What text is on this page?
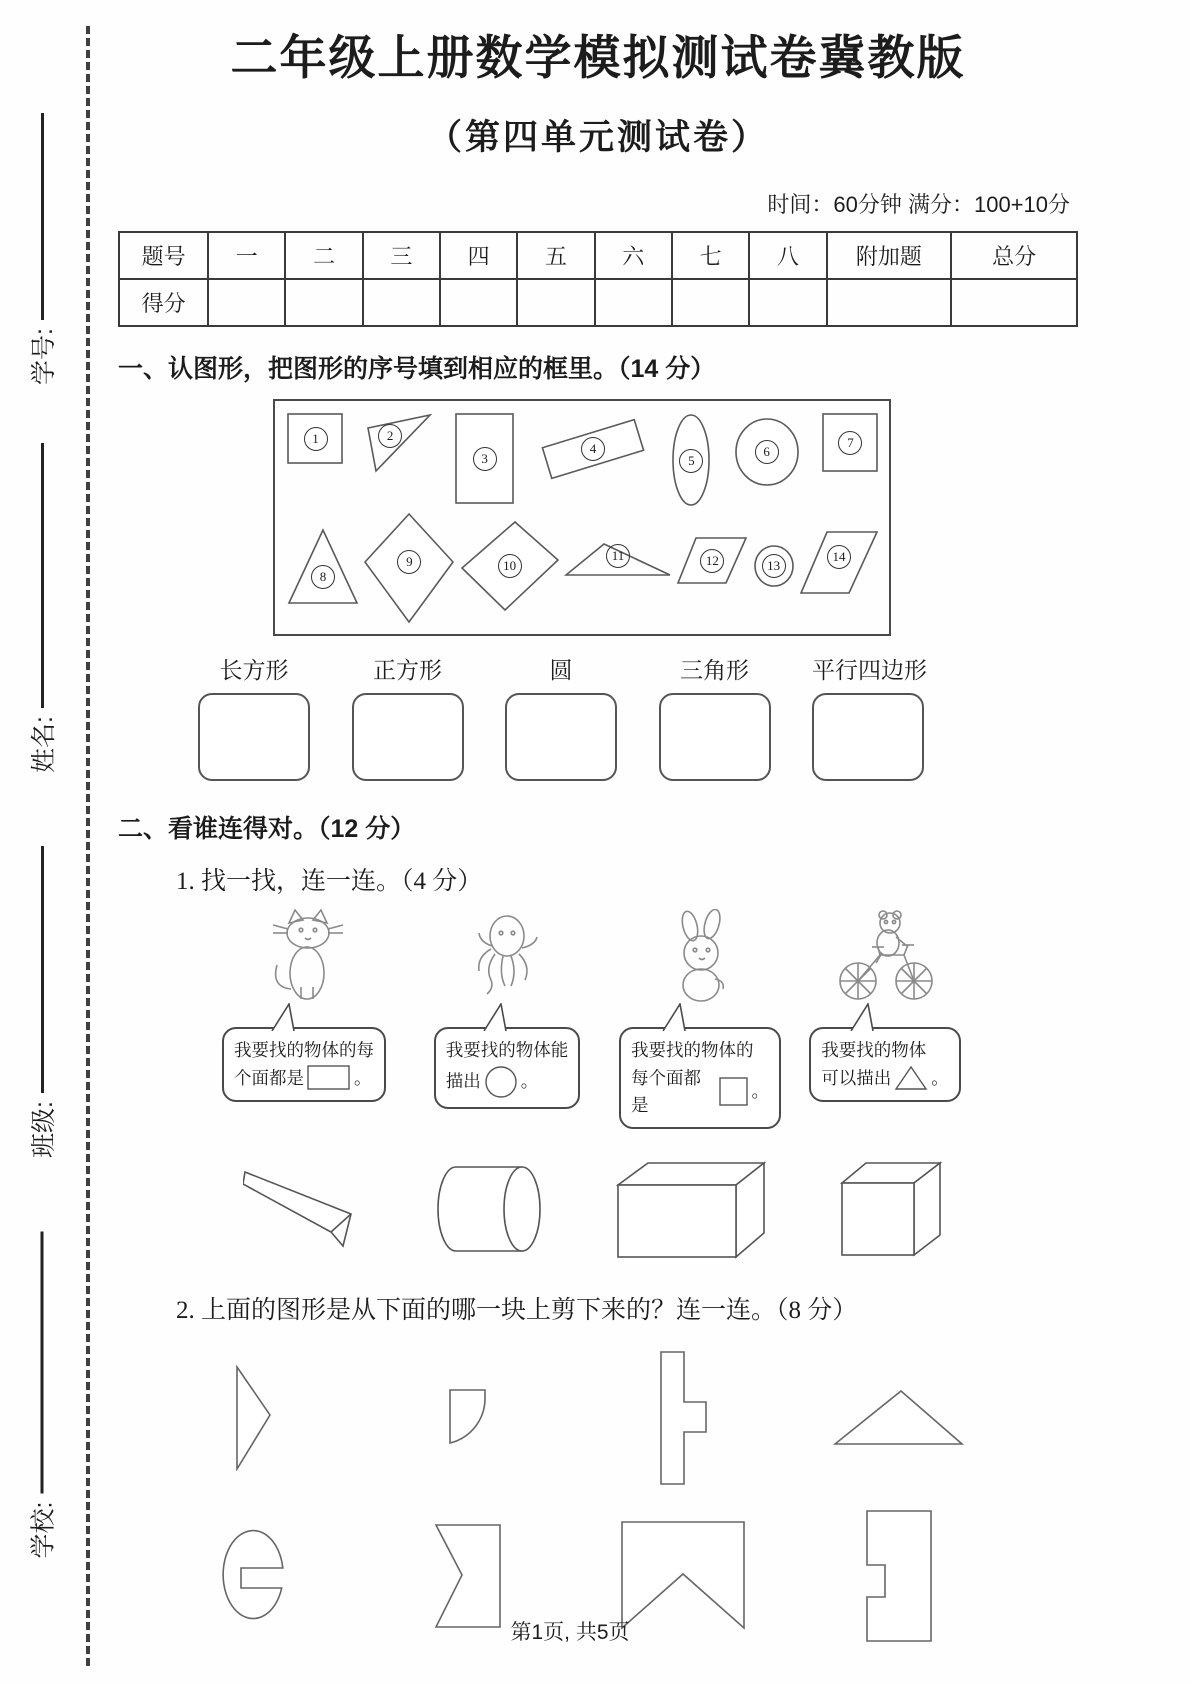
学号:
姓名:
班级:
学校:
二年级上册数学模拟测试卷冀教版
（第四单元测试卷）
时间：60分钟 满分：100+10分
题号	一	二	三	四	五	六	七	八	附加题	总分
得分										
一、认图形，把图形的序号填到相应的框里。（14 分）
1	2
3
4
5
6
7
8
9	10
11	12	13
14
长方形	正方形	圆	三角形	平行四边形
二、看谁连得对。（12 分）
1. 找一找，连一连。（4 分）
我要找的物体的每
个面都是	。
我要找的物体能
描出 。
我要找的物体的
每个面都是
。
我要找的物体
可以描出 。
2. 上面的图形是从下面的哪一块上剪下来的？连一连。（8 分）
第1页, 共5页
